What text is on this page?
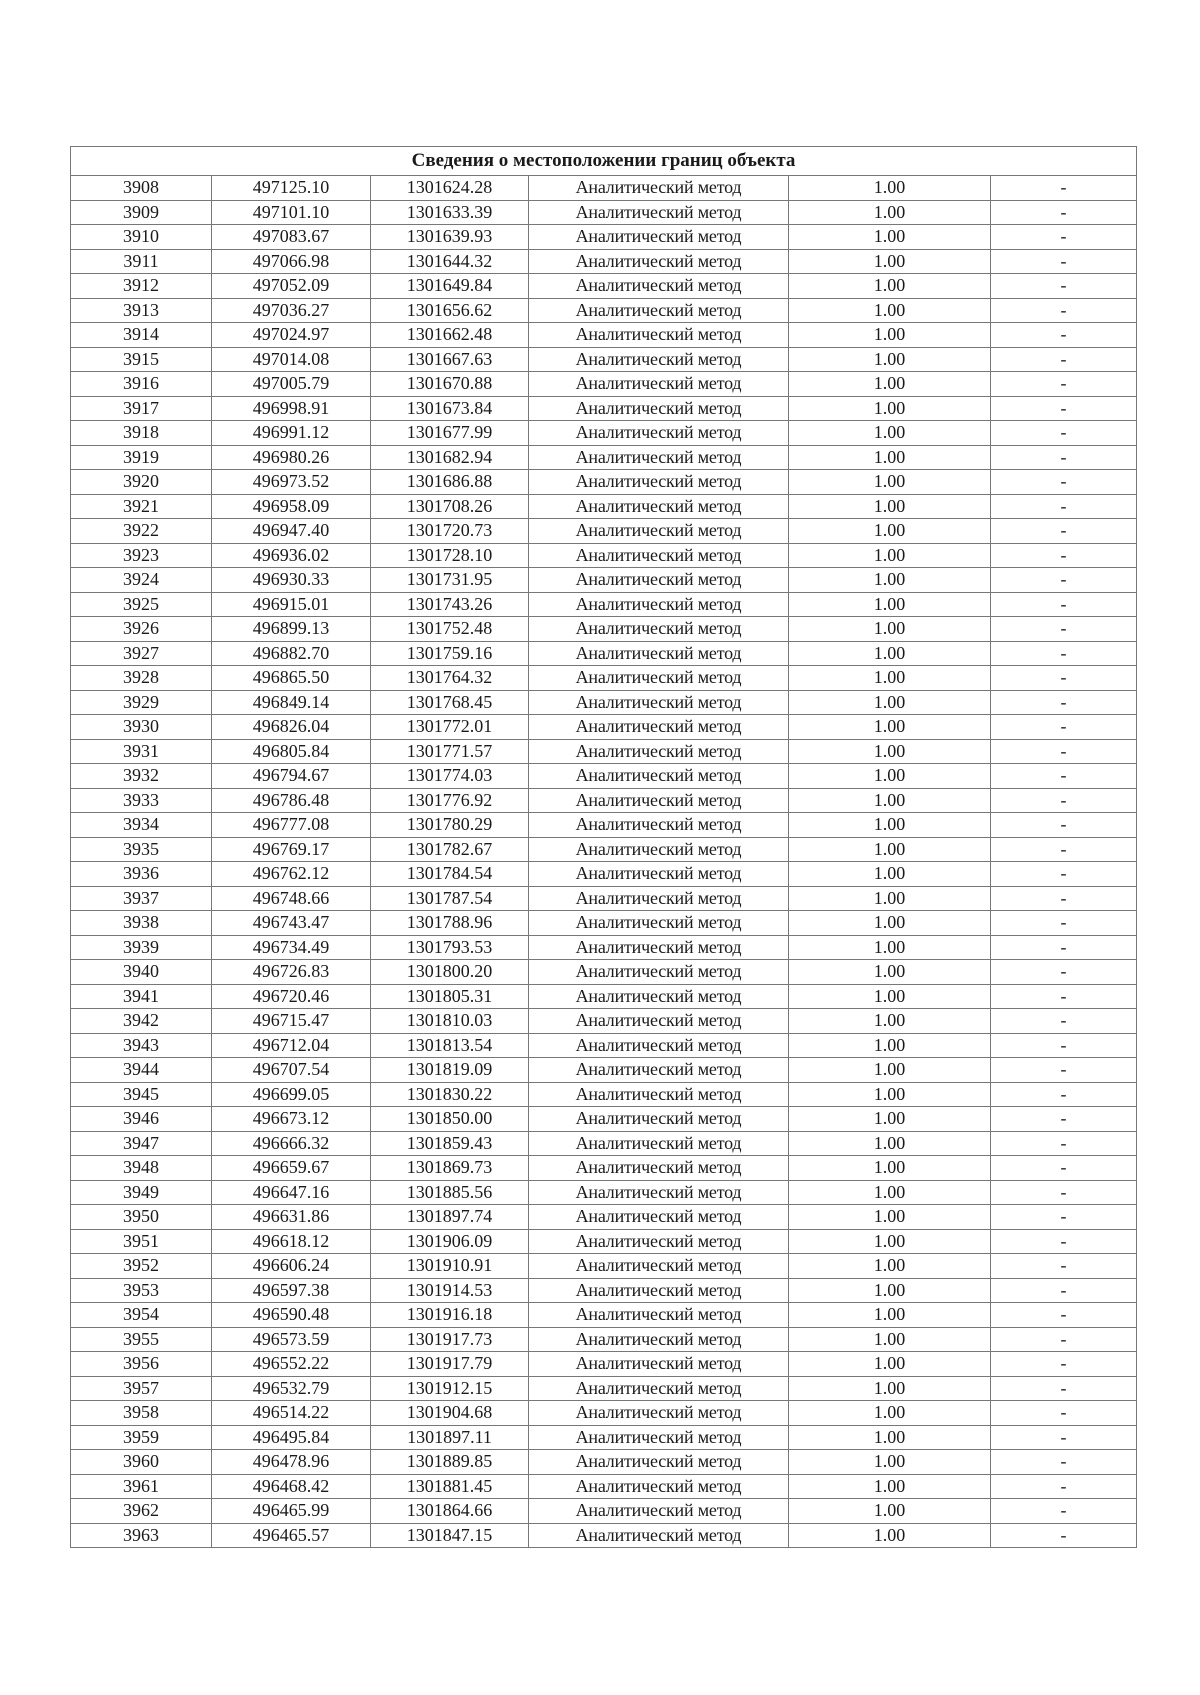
Сведения о местоположении границ объекта					
3908	497125.10	1301624.28	Аналитический метод	1.00	-
3909	497101.10	1301633.39	Аналитический метод	1.00	-
3910	497083.67	1301639.93	Аналитический метод	1.00	-
3911	497066.98	1301644.32	Аналитический метод	1.00	-
3912	497052.09	1301649.84	Аналитический метод	1.00	-
3913	497036.27	1301656.62	Аналитический метод	1.00	-
3914	497024.97	1301662.48	Аналитический метод	1.00	-
3915	497014.08	1301667.63	Аналитический метод	1.00	-
3916	497005.79	1301670.88	Аналитический метод	1.00	-
3917	496998.91	1301673.84	Аналитический метод	1.00	-
3918	496991.12	1301677.99	Аналитический метод	1.00	-
3919	496980.26	1301682.94	Аналитический метод	1.00	-
3920	496973.52	1301686.88	Аналитический метод	1.00	-
3921	496958.09	1301708.26	Аналитический метод	1.00	-
3922	496947.40	1301720.73	Аналитический метод	1.00	-
3923	496936.02	1301728.10	Аналитический метод	1.00	-
3924	496930.33	1301731.95	Аналитический метод	1.00	-
3925	496915.01	1301743.26	Аналитический метод	1.00	-
3926	496899.13	1301752.48	Аналитический метод	1.00	-
3927	496882.70	1301759.16	Аналитический метод	1.00	-
3928	496865.50	1301764.32	Аналитический метод	1.00	-
3929	496849.14	1301768.45	Аналитический метод	1.00	-
3930	496826.04	1301772.01	Аналитический метод	1.00	-
3931	496805.84	1301771.57	Аналитический метод	1.00	-
3932	496794.67	1301774.03	Аналитический метод	1.00	-
3933	496786.48	1301776.92	Аналитический метод	1.00	-
3934	496777.08	1301780.29	Аналитический метод	1.00	-
3935	496769.17	1301782.67	Аналитический метод	1.00	-
3936	496762.12	1301784.54	Аналитический метод	1.00	-
3937	496748.66	1301787.54	Аналитический метод	1.00	-
3938	496743.47	1301788.96	Аналитический метод	1.00	-
3939	496734.49	1301793.53	Аналитический метод	1.00	-
3940	496726.83	1301800.20	Аналитический метод	1.00	-
3941	496720.46	1301805.31	Аналитический метод	1.00	-
3942	496715.47	1301810.03	Аналитический метод	1.00	-
3943	496712.04	1301813.54	Аналитический метод	1.00	-
3944	496707.54	1301819.09	Аналитический метод	1.00	-
3945	496699.05	1301830.22	Аналитический метод	1.00	-
3946	496673.12	1301850.00	Аналитический метод	1.00	-
3947	496666.32	1301859.43	Аналитический метод	1.00	-
3948	496659.67	1301869.73	Аналитический метод	1.00	-
3949	496647.16	1301885.56	Аналитический метод	1.00	-
3950	496631.86	1301897.74	Аналитический метод	1.00	-
3951	496618.12	1301906.09	Аналитический метод	1.00	-
3952	496606.24	1301910.91	Аналитический метод	1.00	-
3953	496597.38	1301914.53	Аналитический метод	1.00	-
3954	496590.48	1301916.18	Аналитический метод	1.00	-
3955	496573.59	1301917.73	Аналитический метод	1.00	-
3956	496552.22	1301917.79	Аналитический метод	1.00	-
3957	496532.79	1301912.15	Аналитический метод	1.00	-
3958	496514.22	1301904.68	Аналитический метод	1.00	-
3959	496495.84	1301897.11	Аналитический метод	1.00	-
3960	496478.96	1301889.85	Аналитический метод	1.00	-
3961	496468.42	1301881.45	Аналитический метод	1.00	-
3962	496465.99	1301864.66	Аналитический метод	1.00	-
3963	496465.57	1301847.15	Аналитический метод	1.00	-
